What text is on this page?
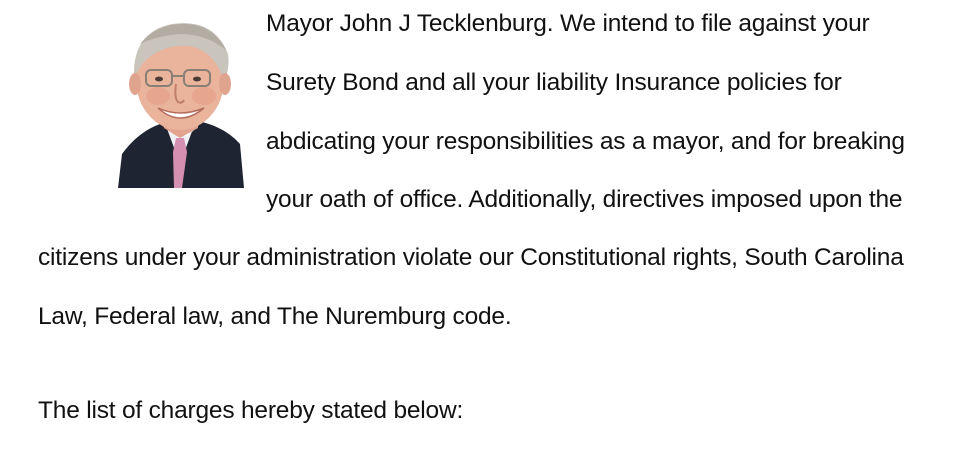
Mayor John J Tecklenburg. We intend to file against your
Surety Bond and all your liability Insurance policies for
abdicating your responsibilities as a mayor, and for breaking
your oath of office. Additionally, directives imposed upon the
citizens under your administration violate our Constitutional rights, South Carolina
Law, Federal law, and The Nuremburg code.
The list of charges hereby stated below:
